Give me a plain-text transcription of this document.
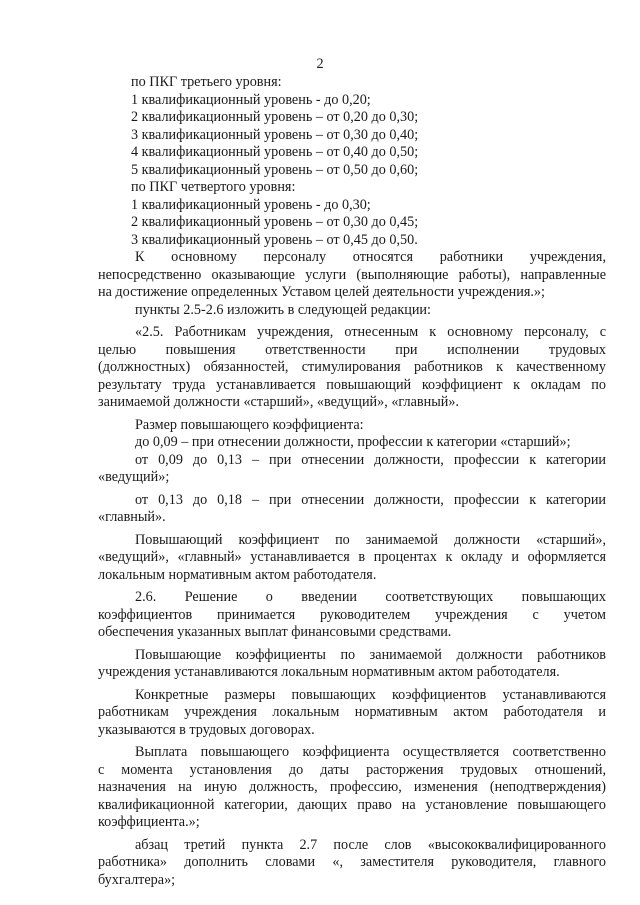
2
по ПКГ третьего уровня:
1 квалификационный уровень - до 0,20;
2 квалификационный уровень – от 0,20 до 0,30;
3 квалификационный уровень – от 0,30 до 0,40;
4 квалификационный уровень – от 0,40 до 0,50;
5 квалификационный уровень – от 0,50 до 0,60;
по ПКГ четвертого уровня:
1 квалификационный уровень - до 0,30;
2 квалификационный уровень – от 0,30 до 0,45;
3 квалификационный уровень – от 0,45 до 0,50.
К основному персоналу относятся работники учреждения,
непосредственно оказывающие услуги (выполняющие работы), направленные
на достижение определенных Уставом целей деятельности учреждения.»;
пункты 2.5-2.6 изложить в следующей редакции:
«2.5. Работникам учреждения, отнесенным к основному персоналу, с
целью повышения ответственности при исполнении трудовых
(должностных) обязанностей, стимулирования работников к качественному
результату труда устанавливается повышающий коэффициент к окладам по
занимаемой должности «старший», «ведущий», «главный».
Размер повышающего коэффициента:
до 0,09 – при отнесении должности, профессии к категории «старший»;
от 0,09 до 0,13 – при отнесении должности, профессии к категории
«ведущий»;
от 0,13 до 0,18 – при отнесении должности, профессии к категории
«главный».
Повышающий коэффициент по занимаемой должности «старший»,
«ведущий», «главный» устанавливается в процентах к окладу и оформляется
локальным нормативным актом работодателя.
2.6. Решение о введении соответствующих повышающих
коэффициентов принимается руководителем учреждения с учетом
обеспечения указанных выплат финансовыми средствами.
Повышающие коэффициенты по занимаемой должности работников
учреждения устанавливаются локальным нормативным актом работодателя.
Конкретные размеры повышающих коэффициентов устанавливаются
работникам учреждения локальным нормативным актом работодателя и
указываются в трудовых договорах.
Выплата повышающего коэффициента осуществляется соответственно
с момента установления до даты расторжения трудовых отношений,
назначения на иную должность, профессию, изменения (неподтверждения)
квалификационной категории, дающих право на установление повышающего
коэффициента.»;
абзац третий пункта 2.7 после слов «высококвалифицированного
работника» дополнить словами «, заместителя руководителя, главного
бухгалтера»;
